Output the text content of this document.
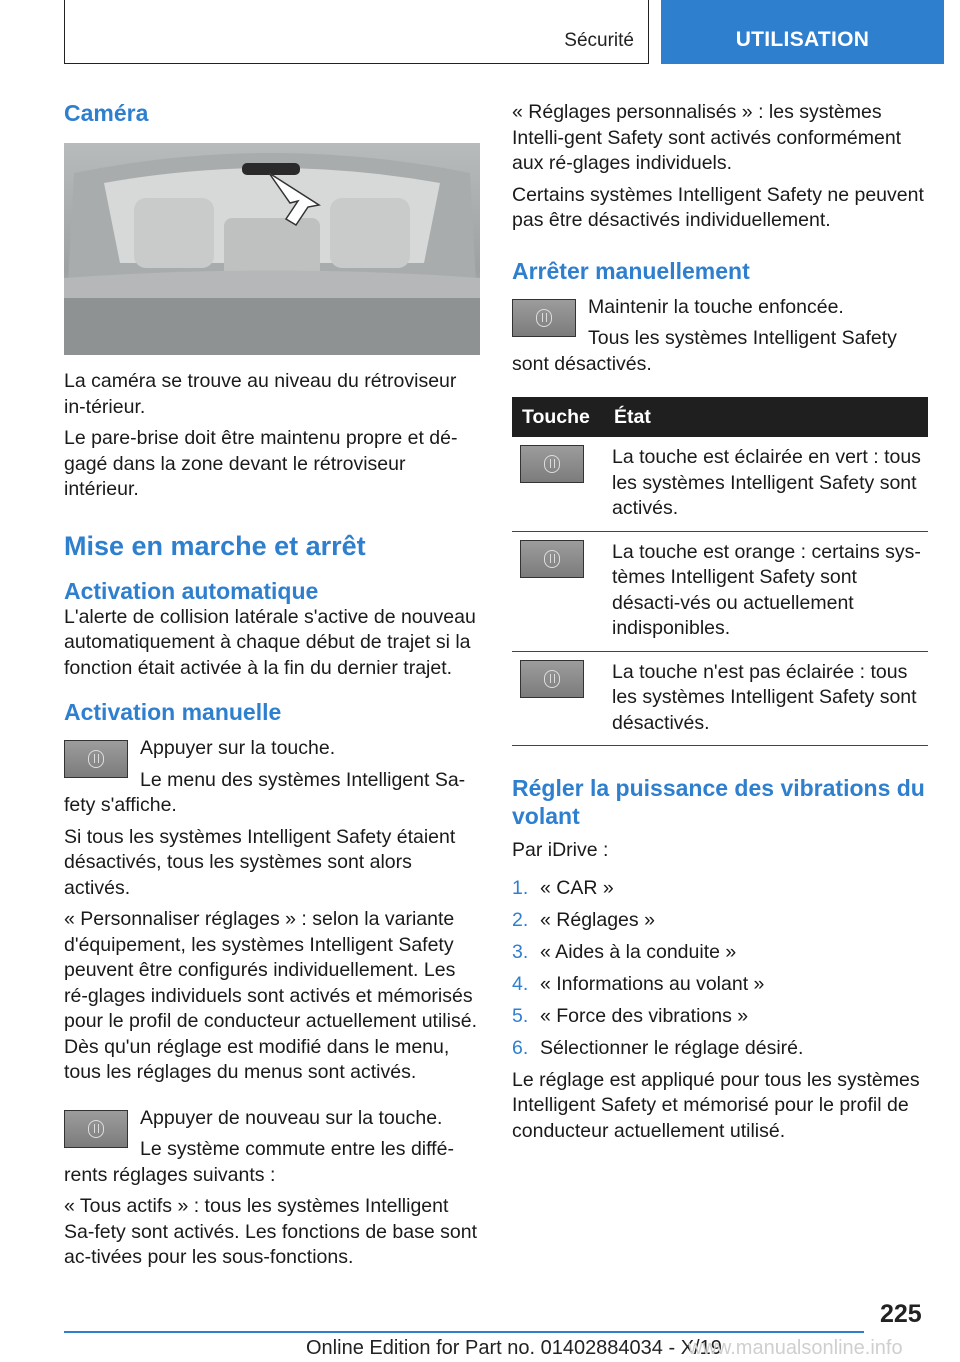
Sécurité	UTILISATION
Caméra

La caméra se trouve au niveau du rétroviseur in-térieur.

Le pare-brise doit être maintenu propre et dé-gagé dans la zone devant le rétroviseur intérieur.

Mise en marche et arrêt
Activation automatique

L'alerte de collision latérale s'active de nouveau automatiquement à chaque début de trajet si la fonction était activée à la fin du dernier trajet.

Activation manuelle

Appuyer sur la touche.

Le menu des systèmes Intelligent Sa-fety s'affiche.

Si tous les systèmes Intelligent Safety étaient désactivés, tous les systèmes sont alors activés.

« Personnaliser réglages » : selon la variante d'équipement, les systèmes Intelligent Safety peuvent être configurés individuellement. Les ré-glages individuels sont activés et mémorisés pour le profil de conducteur actuellement utilisé. Dès qu'un réglage est modifié dans le menu, tous les réglages du menus sont activés.

Appuyer de nouveau sur la touche.

Le système commute entre les diffé-rents réglages suivants :

« Tous actifs » : tous les systèmes Intelligent Sa-fety sont activés. Les fonctions de base sont ac-tivées pour les sous-fonctions.

« Réglages personnalisés » : les systèmes Intelli-gent Safety sont activés conformément aux ré-glages individuels.

Certains systèmes Intelligent Safety ne peuvent pas être désactivés individuellement.

Arrêter manuellement

Maintenir la touche enfoncée.

Tous les systèmes Intelligent Safety sont désactivés.

Touche	État

	La touche est éclairée en vert : tous les systèmes Intelligent Safety sont activés.

	La touche est orange : certains sys-tèmes Intelligent Safety sont désacti-vés ou actuellement indisponibles.

	La touche n'est pas éclairée : tous les systèmes Intelligent Safety sont désactivés.
Régler la puissance des vibrations du volant

Par iDrive :

1. « CAR »
2. « Réglages »
3. « Aides à la conduite »
4. « Informations au volant »
5. « Force des vibrations »
6. Sélectionner le réglage désiré.

Le réglage est appliqué pour tous les systèmes Intelligent Safety et mémorisé pour le profil de conducteur actuellement utilisé.

225
Online Edition for Part no. 01402884034 - X/19
www.manualsonline.info
